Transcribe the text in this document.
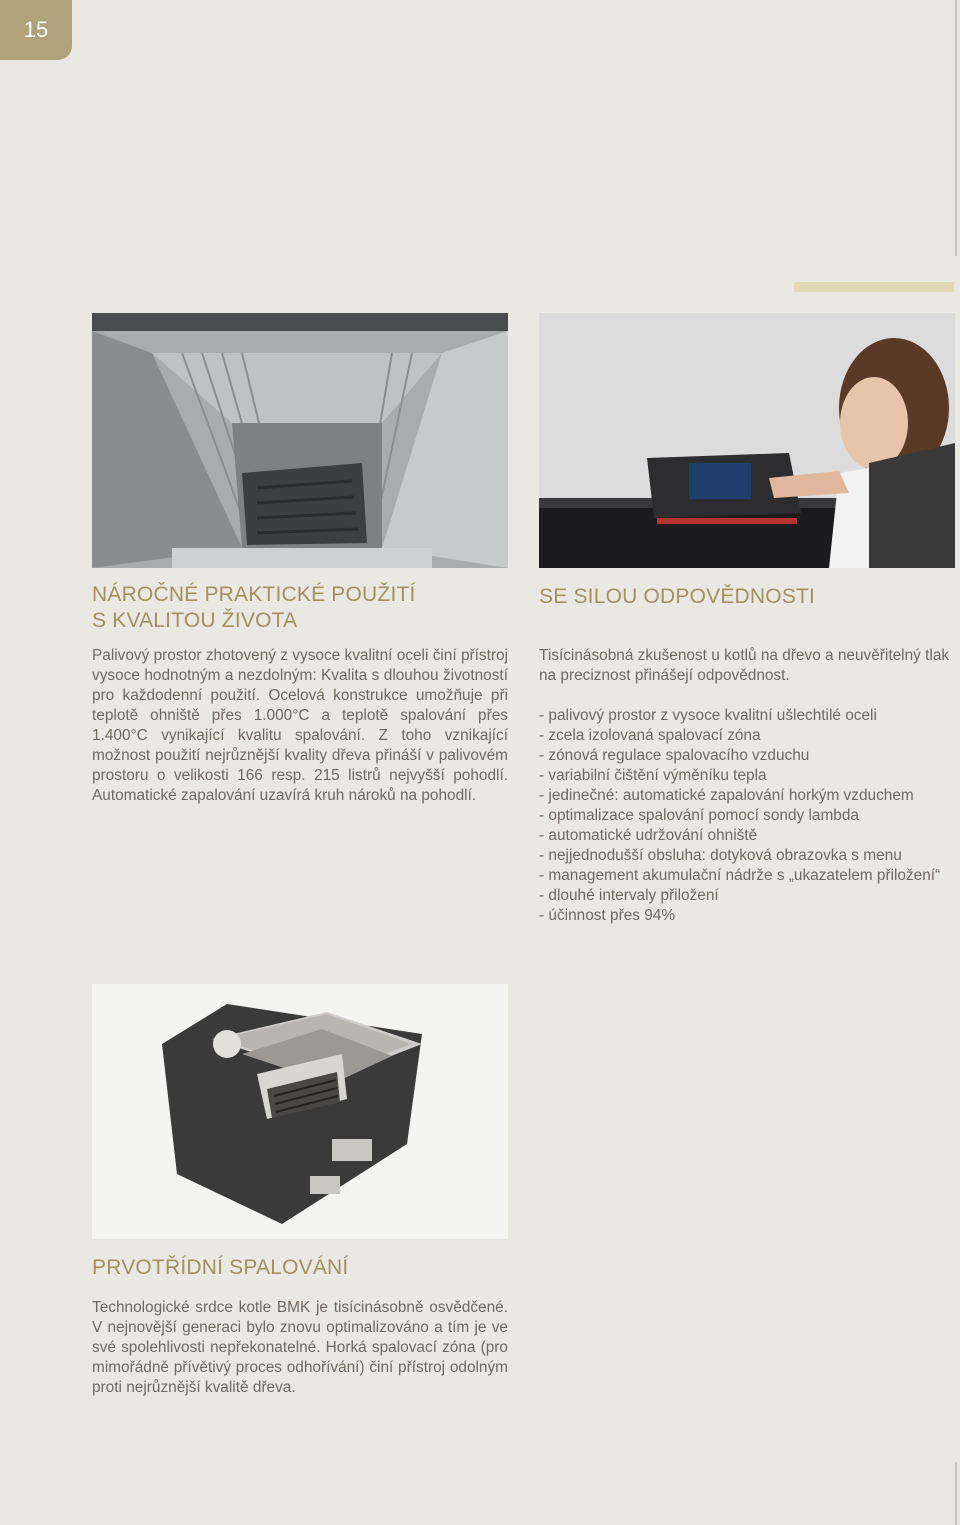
15
NÁROČNÉ PRAKTICKÉ POUŽITÍ
S KVALITOU ŽIVOTA

Palivový prostor zhotovený z vysoce kvalitní oceli činí přístroj vysoce hodnotným a nezdolným: Kvalita s dlouhou životností pro každodenní použití. Ocelová konstrukce umožňuje při teplotě ohniště přes 1.000°C a teplotě spalování přes 1.400°C vynikající kvalitu spalování. Z toho vznikající možnost použití nejrůznější kvality dřeva přináší v palivovém prostoru o velikosti 166 resp. 215 listrů nejvyšší pohodlí. Automatické zapalování uzavírá kruh nároků na pohodlí.

SE SILOU ODPOVĚDNOSTI

Tisícinásobná zkušenost u kotlů na dřevo a neuvěřitelný tlak na preciznost přinášejí odpovědnost.

- palivový prostor z vysoce kvalitní ušlechtilé oceli
- zcela izolovaná spalovací zóna
- zónová regulace spalovacího vzduchu
- variabilní čištění výměníku tepla
- jedinečné: automatické zapalování horkým vzduchem
- optimalizace spalování pomocí sondy lambda
- automatické udržování ohniště
- nejjednodušší obsluha: dotyková obrazovka s menu
- management akumulační nádrže s „ukazatelem přiložení“
- dlouhé intervaly přiložení
- účinnost přes 94%
PRVOTŘÍDNÍ SPALOVÁNÍ

Technologické srdce kotle BMK je tisícinásobně osvědčené. V nejnovější generaci bylo znovu optimalizováno a tím je ve své spolehlivosti nepřekonatelné. Horká spalovací zóna (pro mimořádně přívětivý proces odhořívání) činí přístroj odolným proti nejrůznější kvalitě dřeva.
